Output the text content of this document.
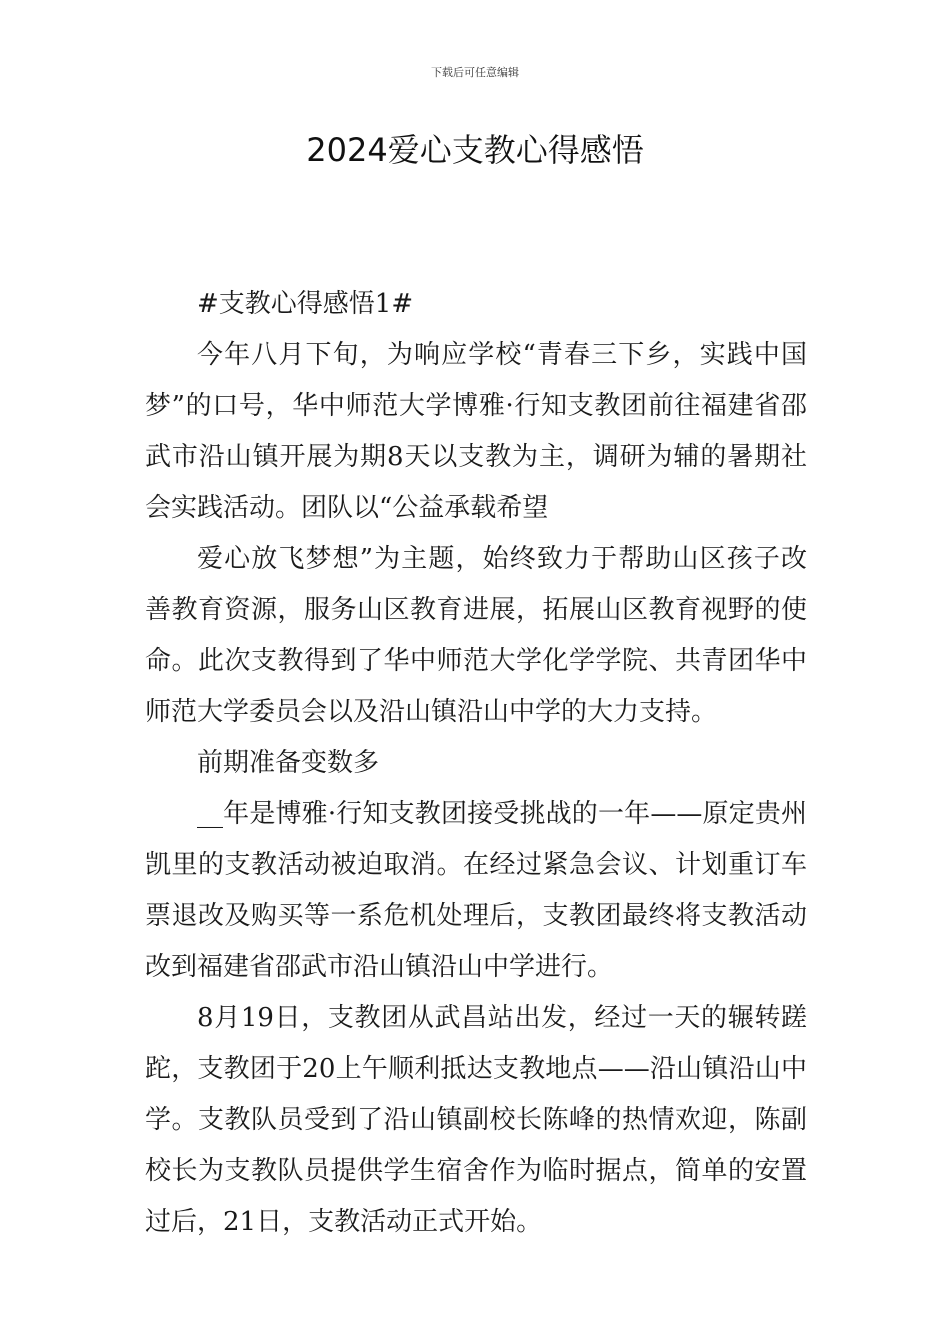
下载后可任意编辑
2024爱心支教心得感悟

#支教心得感悟1#

今年八月下旬，为响应学校“青春三下乡，实践中国梦”的口号，华中师范大学博雅·行知支教团前往福建省邵武市沿山镇开展为期8天以支教为主，调研为辅的暑期社会实践活动。团队以“公益承载希望

爱心放飞梦想”为主题，始终致力于帮助山区孩子改善教育资源，服务山区教育进展，拓展山区教育视野的使命。此次支教得到了华中师范大学化学学院、共青团华中师范大学委员会以及沿山镇沿山中学的大力支持。

前期准备变数多

__年是博雅·行知支教团接受挑战的一年——原定贵州凯里的支教活动被迫取消。在经过紧急会议、计划重订车票退改及购买等一系危机处理后，支教团最终将支教活动改到福建省邵武市沿山镇沿山中学进行。

8月19日，支教团从武昌站出发，经过一天的辗转蹉跎，支教团于20上午顺利抵达支教地点——沿山镇沿山中学。支教队员受到了沿山镇副校长陈峰的热情欢迎，陈副校长为支教队员提供学生宿舍作为临时据点，简单的安置过后，21日，支教活动正式开始。
